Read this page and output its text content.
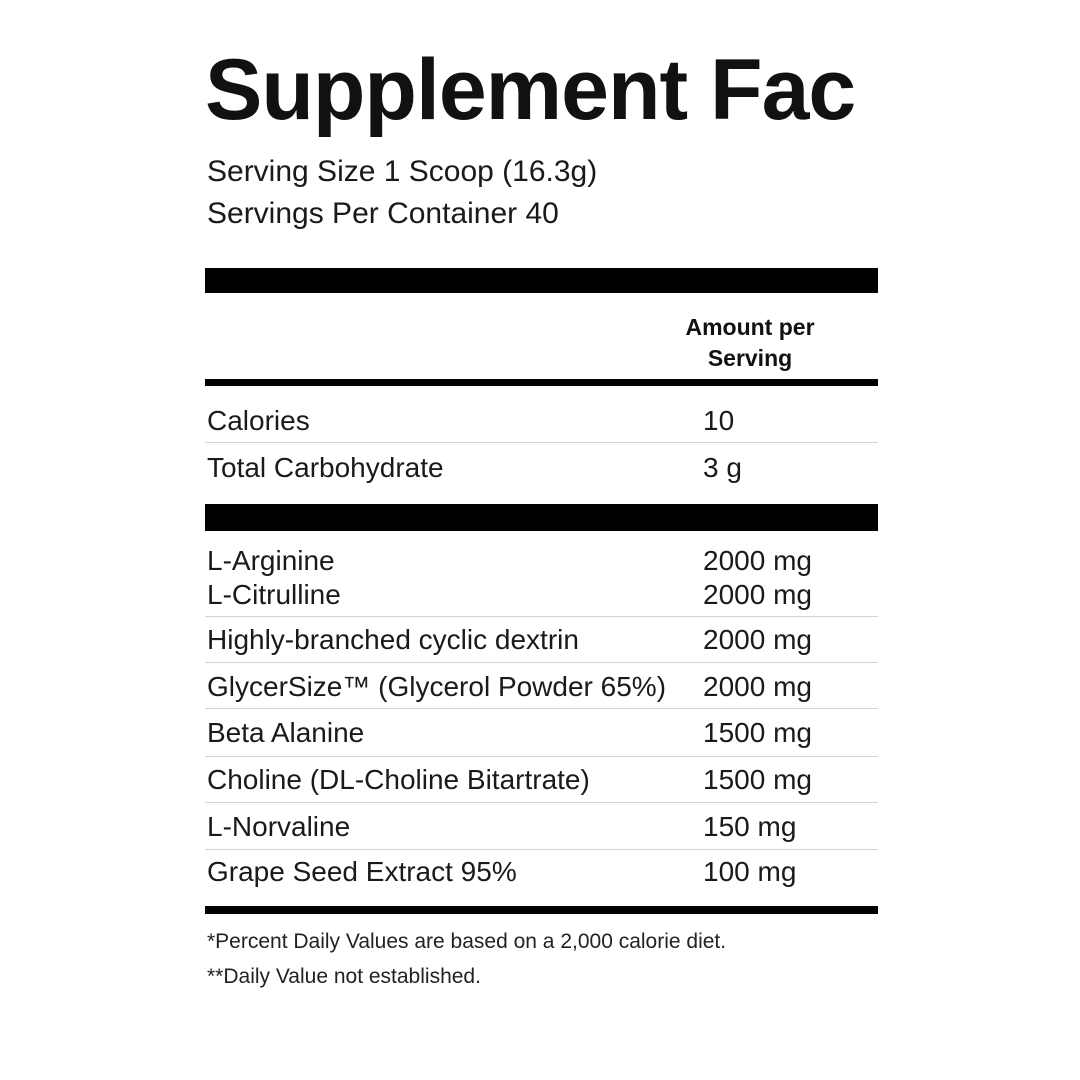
Supplement Fac
Serving Size 1 Scoop (16.3g)
Servings Per Container 40
Amount per
Serving
Calories	10
Total Carbohydrate	3 g
L-Arginine	2000 mg
L-Citrulline	2000 mg
Highly-branched cyclic dextrin	2000 mg
GlycerSize™ (Glycerol Powder 65%) 2000 mg
Beta Alanine	1500 mg
Choline (DL-Choline Bitartrate)	1500 mg
L-Norvaline	150 mg
Grape Seed Extract 95%	100 mg
*Percent Daily Values are based on a 2,000 calorie diet.
**Daily Value not established.
